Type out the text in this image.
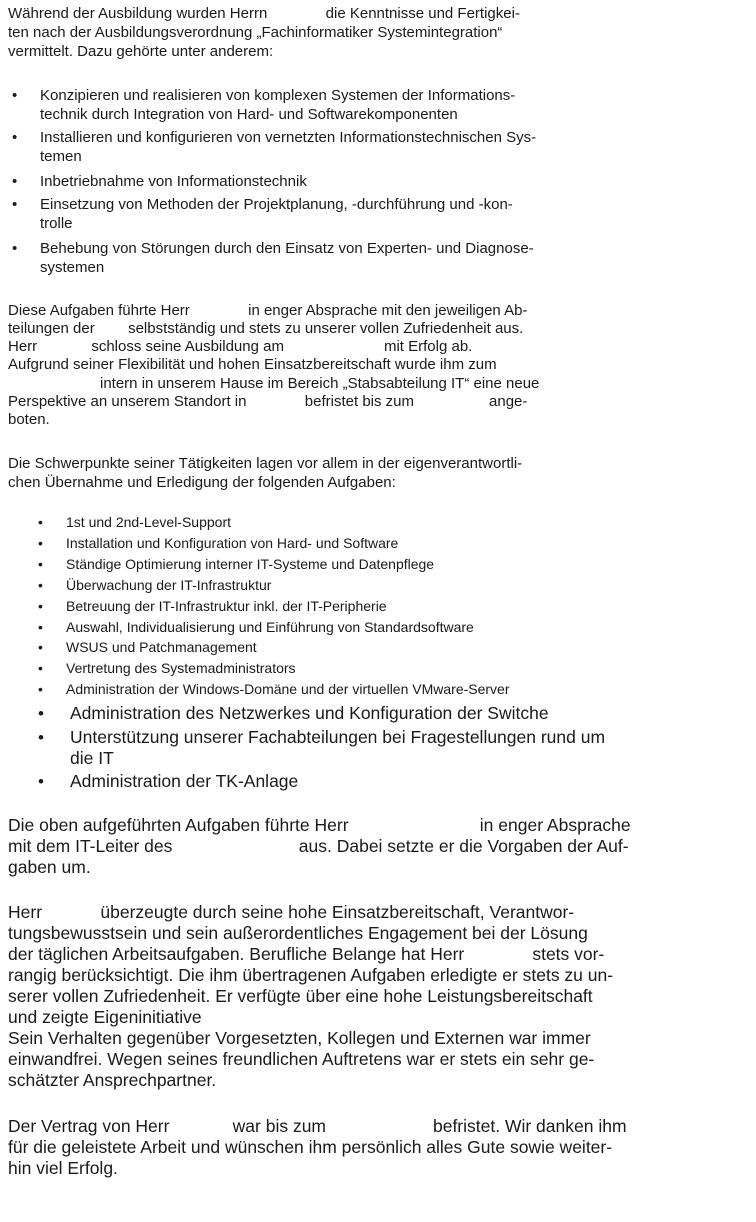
Während der Ausbildung wurden Herrn              die Kenntnisse und Fertigkei-
ten nach der Ausbildungsverordnung „Fachinformatiker Systemintegration“
vermittelt. Dazu gehörte unter anderem:
• Konzipieren und realisieren von komplexen Systemen der Informations-
technik durch Integration von Hard- und Softwarekomponenten
• Installieren und konfigurieren von vernetzten Informationstechnischen Sys-
temen
• Inbetriebnahme von Informationstechnik
• Einsetzung von Methoden der Projektplanung, -durchführung und -kon-
trolle
• Behebung von Störungen durch den Einsatz von Experten- und Diagnose-
systemen
Diese Aufgaben führte Herr              in enger Absprache mit den jeweiligen Ab-
teilungen der        selbstständig und stets zu unserer vollen Zufriedenheit aus.
Herr             schloss seine Ausbildung am                        mit Erfolg ab.
Aufgrund seiner Flexibilität und hohen Einsatzbereitschaft wurde ihm zum
intern in unserem Hause im Bereich „Stabsabteilung IT“ eine neue
Perspektive an unserem Standort in              befristet bis zum                  ange-
boten.
Die Schwerpunkte seiner Tätigkeiten lagen vor allem in der eigenverantwortli-
chen Übernahme und Erledigung der folgenden Aufgaben:
• 1st und 2nd-Level-Support
• Installation und Konfiguration von Hard- und Software
• Ständige Optimierung interner IT-Systeme und Datenpflege
• Überwachung der IT-Infrastruktur
• Betreuung der IT-Infrastruktur inkl. der IT-Peripherie
• Auswahl, Individualisierung und Einführung von Standardsoftware
• WSUS und Patchmanagement
• Vertretung des Systemadministrators
• Administration der Windows-Domäne und der virtuellen VMware-Server
• Administration des Netzwerkes und Konfiguration der Switche
• Unterstützung unserer Fachabteilungen bei Fragestellungen rund um
die IT
• Administration der TK-Anlage
Die oben aufgeführten Aufgaben führte Herr                           in enger Absprache
mit dem IT-Leiter des                          aus. Dabei setzte er die Vorgaben der Auf-
gaben um.
Herr            überzeugte durch seine hohe Einsatzbereitschaft, Verantwor-
tungsbewusstsein und sein außerordentliches Engagement bei der Lösung
der täglichen Arbeitsaufgaben. Berufliche Belange hat Herr              stets vor-
rangig berücksichtigt. Die ihm übertragenen Aufgaben erledigte er stets zu un-
serer vollen Zufriedenheit. Er verfügte über eine hohe Leistungsbereitschaft
und zeigte Eigeninitiative
Sein Verhalten gegenüber Vorgesetzten, Kollegen und Externen war immer
einwandfrei. Wegen seines freundlichen Auftretens war er stets ein sehr ge-
schätzter Ansprechpartner.
Der Vertrag von Herr             war bis zum                      befristet. Wir danken ihm
für die geleistete Arbeit und wünschen ihm persönlich alles Gute sowie weiter-
hin viel Erfolg.
